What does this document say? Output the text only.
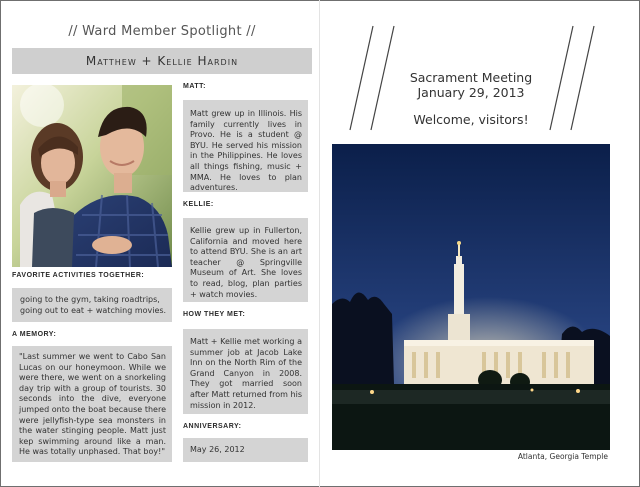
// Ward Member Spotlight //
Matthew + Kellie Hardin
MATT:
Matt grew up in Illinois. His family currently lives in Provo. He is a student @ BYU. He served his mission in the Philippines. He loves all things fishing, music + MMA. He loves to plan adventures.
KELLIE:
Kellie grew up in Fullerton, California and moved here to attend BYU. She is an art teacher @ Springville Museum of Art. She loves to read, blog, plan parties + watch movies.
FAVORITE ACTIVITIES TOGETHER:
going to the gym, taking roadtrips, going out to eat + watching movies.	HOW THEY MET:
Matt + Kellie met working a summer job at Jacob Lake Inn on the North Rim of the Grand Canyon in 2008. They got married soon after Matt returned from his mission in 2012.
A MEMORY:
"Last summer we went to Cabo San Lucas on our honeymoon. While we were there, we went on a snorkeling day trip with a group of tourists. 30 seconds into the dive, everyone jumped onto the boat because there were jellyfish-type sea monsters in the water stinging people. Matt just kep swimming around like a man. He was totally unphased. That boy!"
ANNIVERSARY:
May 26, 2012
Sacrament Meeting
January 29, 2013
Welcome, visitors!
Atlanta, Georgia Temple
